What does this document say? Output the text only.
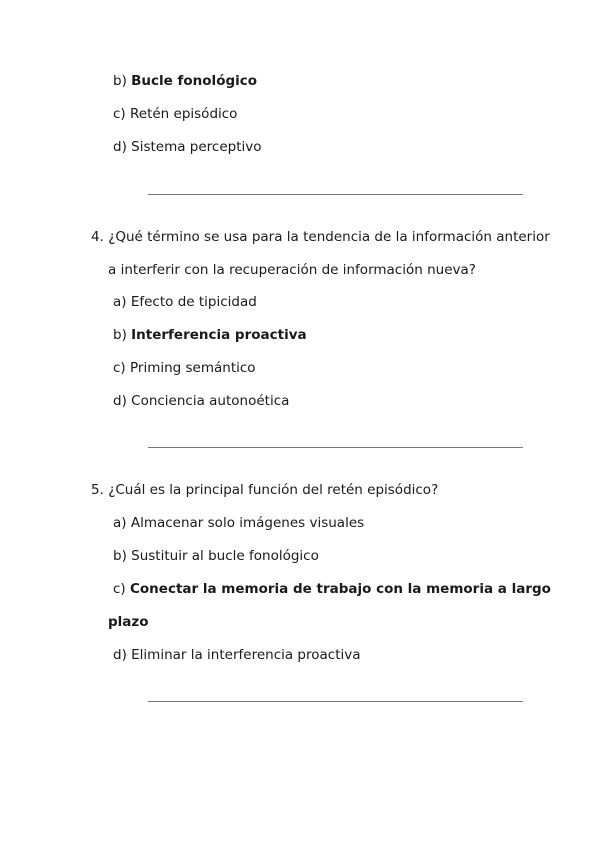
b) Bucle fonológico
c) Retén episódico
d) Sistema perceptivo
4. ¿Qué término se usa para la tendencia de la información anterior
a interferir con la recuperación de información nueva?
a) Efecto de tipicidad
b) Interferencia proactiva
c) Priming semántico
d) Conciencia autonoética
5. ¿Cuál es la principal función del retén episódico?
a) Almacenar solo imágenes visuales
b) Sustituir al bucle fonológico
c) Conectar la memoria de trabajo con la memoria a largo
plazo
d) Eliminar la interferencia proactiva
